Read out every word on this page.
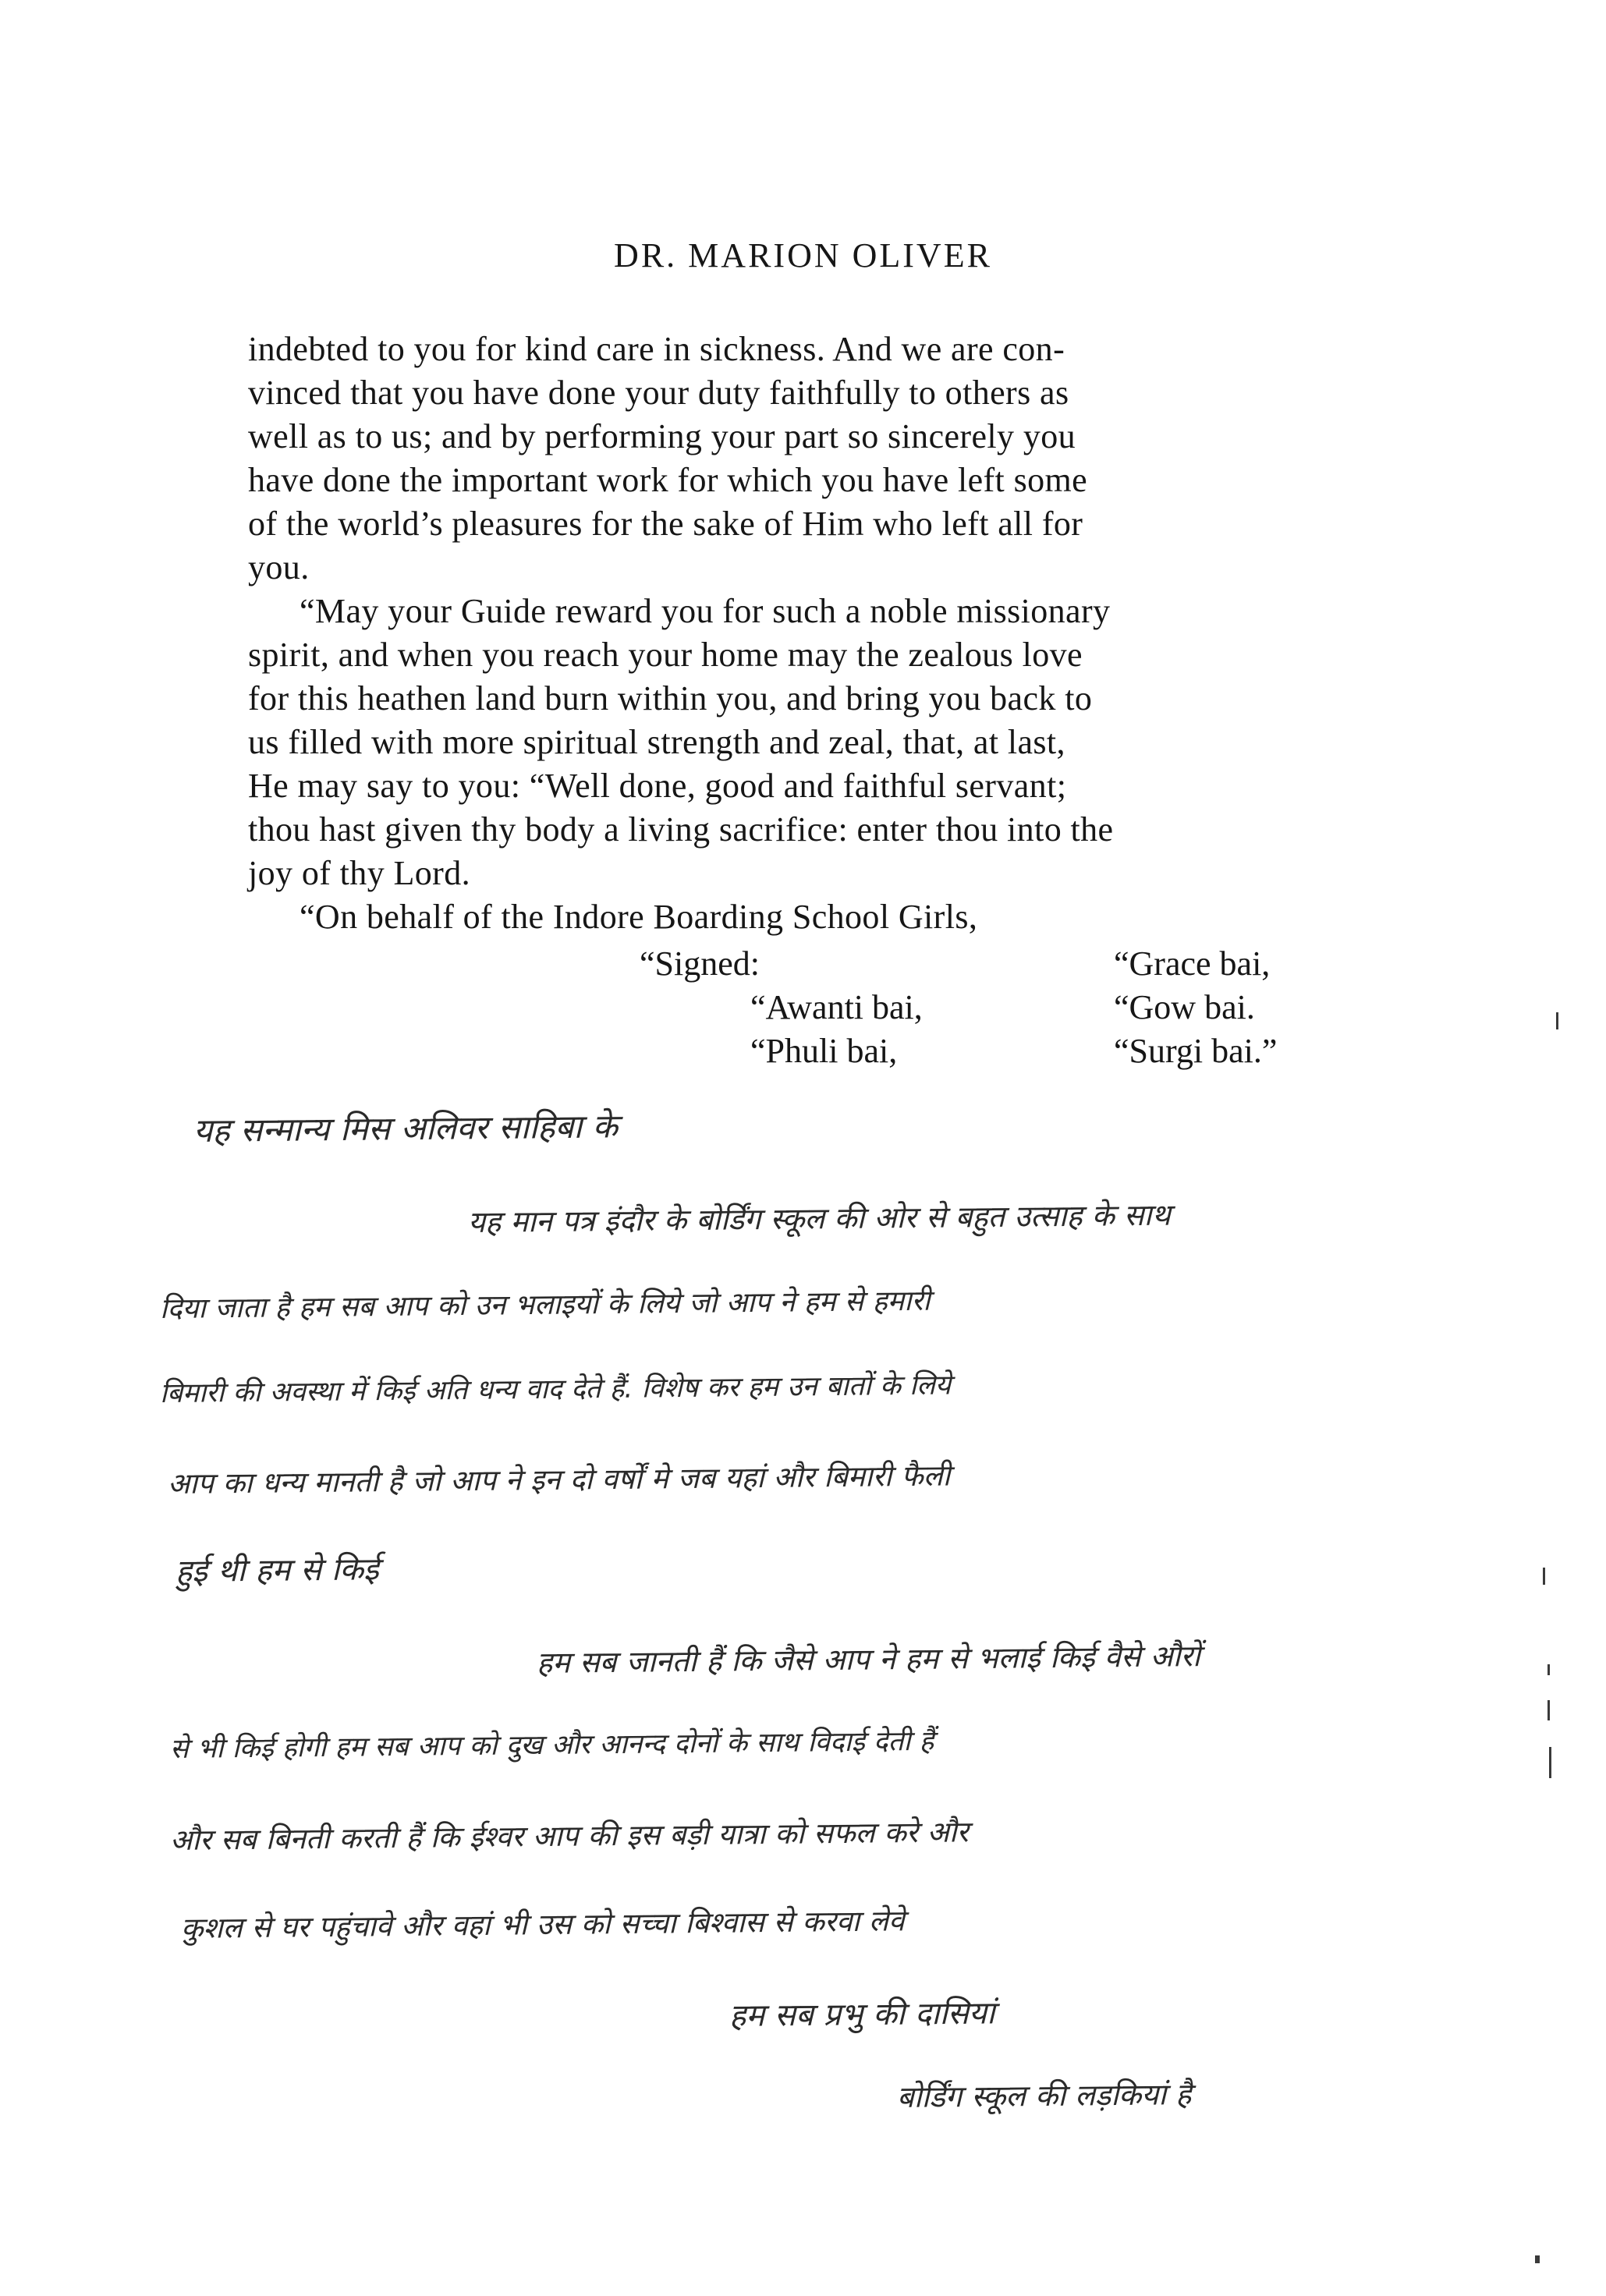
DR. MARION OLIVER
indebted to you for kind care in sickness. And we are con-
vinced that you have done your duty faithfully to others as
well as to us; and by performing your part so sincerely you
have done the important work for which you have left some
of the world’s pleasures for the sake of Him who left all for
you.
“May your Guide reward you for such a noble missionary
spirit, and when you reach your home may the zealous love
for this heathen land burn within you, and bring you back to
us filled with more spiritual strength and zeal, that, at last,
He may say to you: “Well done, good and faithful servant;
thou hast given thy body a living sacrifice: enter thou into the
joy of thy Lord.
“On behalf of the Indore Boarding School Girls,
“Signed:
“Awanti bai,
“Phuli bai,
“Grace bai,
“Gow bai.
“Surgi bai.”
यह सन्मान्य मिस अलिवर साहिबा के
यह मान पत्र इंदौर के बोर्डिंग स्कूल की ओर से बहुत उत्साह के साथ
दिया जाता है हम सब आप को उन भलाइयों के लिये जो आप ने हम से हमारी
बिमारी की अवस्था में किई अति धन्य वाद देते हैं. विशेष कर हम उन बातों के लिये
आप का धन्य मानती है जो आप ने इन दो वर्षों मे जब यहां और बिमारी फैली
हुई थी हम से किई
हम सब जानती हैं कि जैसे आप ने हम से भलाई किई वैसे औरों
से भी किई होगी हम सब आप को दुख और आनन्द दोनों के साथ विदाई देती हैं
और सब बिनती करती हैं कि ईश्वर आप की इस बड़ी यात्रा को सफल करे और
कुशल से घर पहुंचावे और वहां भी उस को सच्चा बिश्वास से करवा लेवे
हम सब प्रभु की दासियां
बोर्डिंग स्कूल की लड़कियां है
